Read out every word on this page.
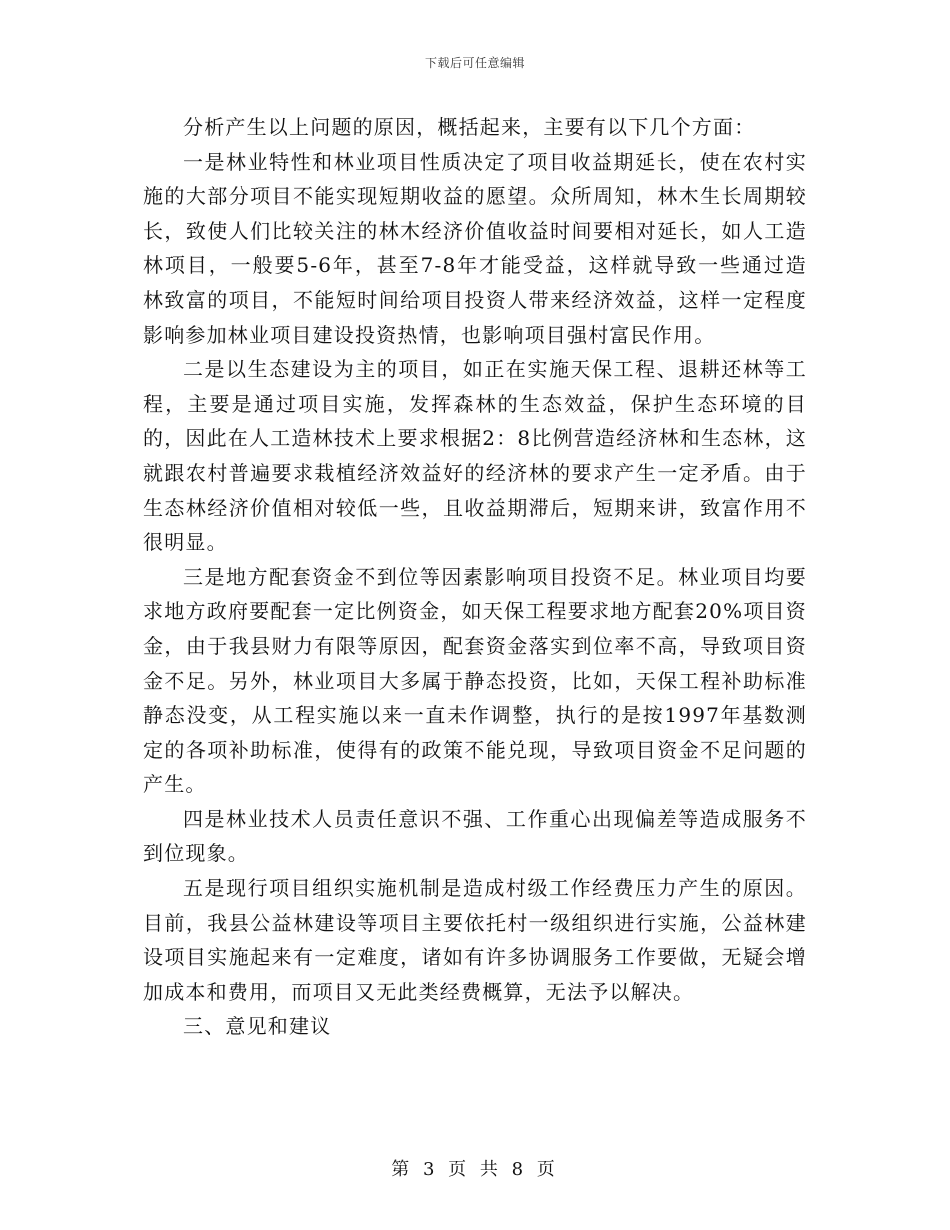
下载后可任意编辑

分析产生以上问题的原因，概括起来，主要有以下几个方面：

一是林业特性和林业项目性质决定了项目收益期延长，使在农村实施的大部分项目不能实现短期收益的愿望。众所周知，林木生长周期较长，致使人们比较关注的林木经济价值收益时间要相对延长，如人工造林项目，一般要5-6年，甚至7-8年才能受益，这样就导致一些通过造林致富的项目，不能短时间给项目投资人带来经济效益，这样一定程度影响参加林业项目建设投资热情，也影响项目强村富民作用。

二是以生态建设为主的项目，如正在实施天保工程、退耕还林等工程，主要是通过项目实施，发挥森林的生态效益，保护生态环境的目的，因此在人工造林技术上要求根据2：8比例营造经济林和生态林，这就跟农村普遍要求栽植经济效益好的经济林的要求产生一定矛盾。由于生态林经济价值相对较低一些，且收益期滞后，短期来讲，致富作用不很明显。

三是地方配套资金不到位等因素影响项目投资不足。林业项目均要求地方政府要配套一定比例资金，如天保工程要求地方配套20%项目资金，由于我县财力有限等原因，配套资金落实到位率不高，导致项目资金不足。另外，林业项目大多属于静态投资，比如，天保工程补助标准静态没变，从工程实施以来一直未作调整，执行的是按1997年基数测定的各项补助标准，使得有的政策不能兑现，导致项目资金不足问题的产生。

四是林业技术人员责任意识不强、工作重心出现偏差等造成服务不到位现象。

五是现行项目组织实施机制是造成村级工作经费压力产生的原因。目前，我县公益林建设等项目主要依托村一级组织进行实施，公益林建设项目实施起来有一定难度，诸如有许多协调服务工作要做，无疑会增加成本和费用，而项目又无此类经费概算，无法予以解决。

三、意见和建议

第 3 页 共 8 页
